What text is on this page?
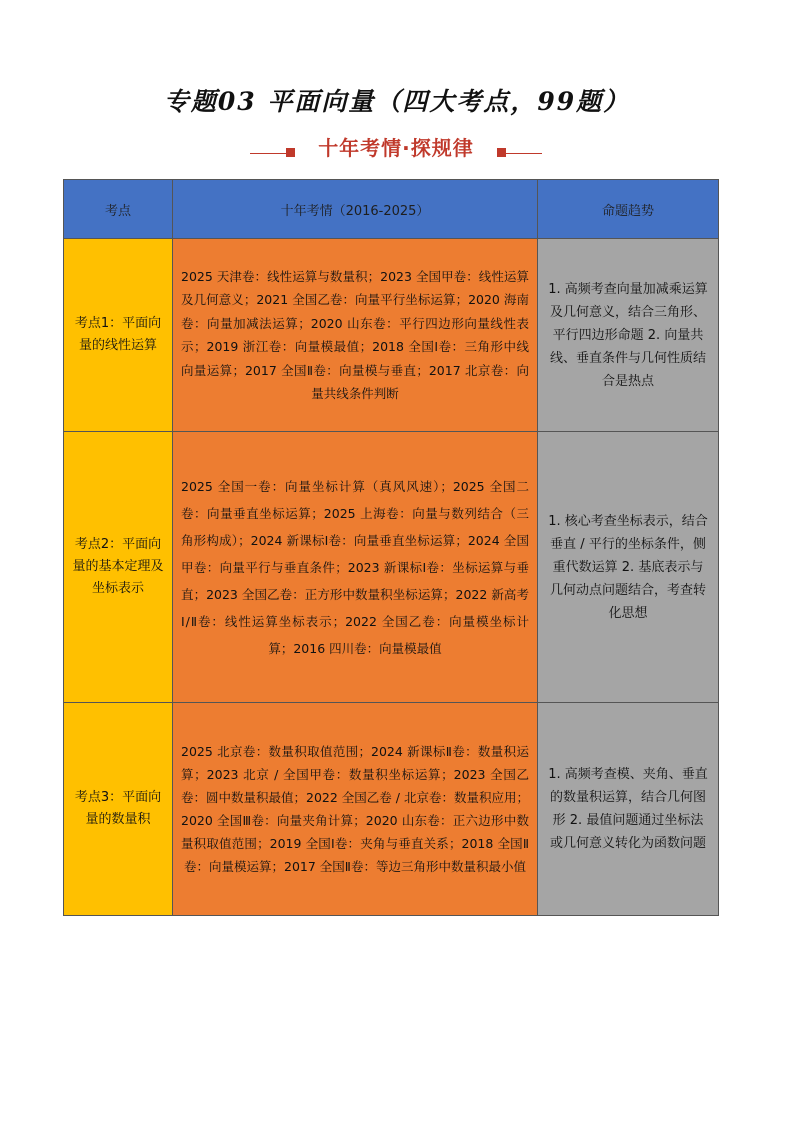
专题03 平面向量（四大考点，99题）
十年考情·探规律
考点	十年考情（2016-2025）	命题趋势
考点1：平面向量的线性运算	2025 天津卷：线性运算与数量积；2023 全国甲卷：线性运算及几何意义；2021 全国乙卷：向量平行坐标运算；2020 海南卷：向量加减法运算；2020 山东卷：平行四边形向量线性表示；2019 浙江卷：向量模最值；2018 全国Ⅰ卷：三角形中线向量运算；2017 全国Ⅱ卷：向量模与垂直；2017 北京卷：向量共线条件判断	1. 高频考查向量加减乘运算及几何意义，结合三角形、平行四边形命题 2. 向量共线、垂直条件与几何性质结合是热点
考点2：平面向量的基本定理及坐标表示	2025 全国一卷：向量坐标计算（真风风速）；2025 全国二卷：向量垂直坐标运算；2025 上海卷：向量与数列结合（三角形构成）；2024 新课标Ⅰ卷：向量垂直坐标运算；2024 全国甲卷：向量平行与垂直条件；2023 新课标Ⅰ卷：坐标运算与垂直；2023 全国乙卷：正方形中数量积坐标运算；2022 新高考Ⅰ/Ⅱ卷：线性运算坐标表示；2022 全国乙卷：向量模坐标计算；2016 四川卷：向量模最值	1. 核心考查坐标表示，结合垂直 / 平行的坐标条件，侧重代数运算 2. 基底表示与几何动点问题结合，考查转化思想
考点3：平面向量的数量积	2025 北京卷：数量积取值范围；2024 新课标Ⅱ卷：数量积运算；2023 北京 / 全国甲卷：数量积坐标运算；2023 全国乙卷：圆中数量积最值；2022 全国乙卷 / 北京卷：数量积应用；2020 全国Ⅲ卷：向量夹角计算；2020 山东卷：正六边形中数量积取值范围；2019 全国Ⅰ卷：夹角与垂直关系；2018 全国Ⅱ卷：向量模运算；2017 全国Ⅱ卷：等边三角形中数量积最小值	1. 高频考查模、夹角、垂直的数量积运算，结合几何图形 2. 最值问题通过坐标法或几何意义转化为函数问题
